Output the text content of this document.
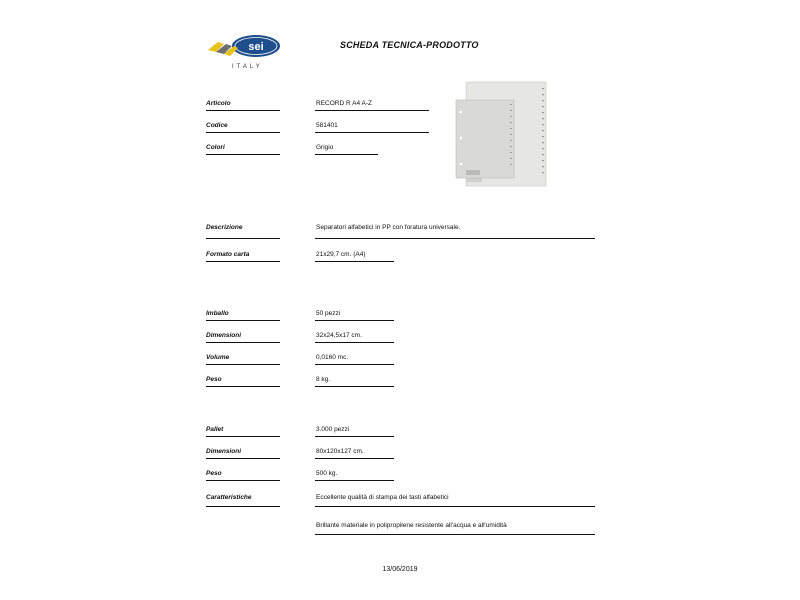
sei
ITALY
SCHEDA TECNICA-PRODOTTO
Articolo	RECORD R A4 A-Z
Codice	581401
Colori	Grigio
Descrizione	Separatori alfabetici in PP con foratura universale.
Formato carta	21x29,7 cm. (A4)
Imballo	50 pezzi
Dimensioni	32x24,5x17 cm.
Volume	0,0160 mc.
Peso	8 kg.
Pallet	3.000 pezzi
Dimensioni	80x120x127 cm.
Peso	500 kg.
Caratteristiche	Eccellente qualità di stampa dei tasti alfabetici
Brillante materiale in polipropilene resistente all'acqua e all'umidità
13/06/2019
